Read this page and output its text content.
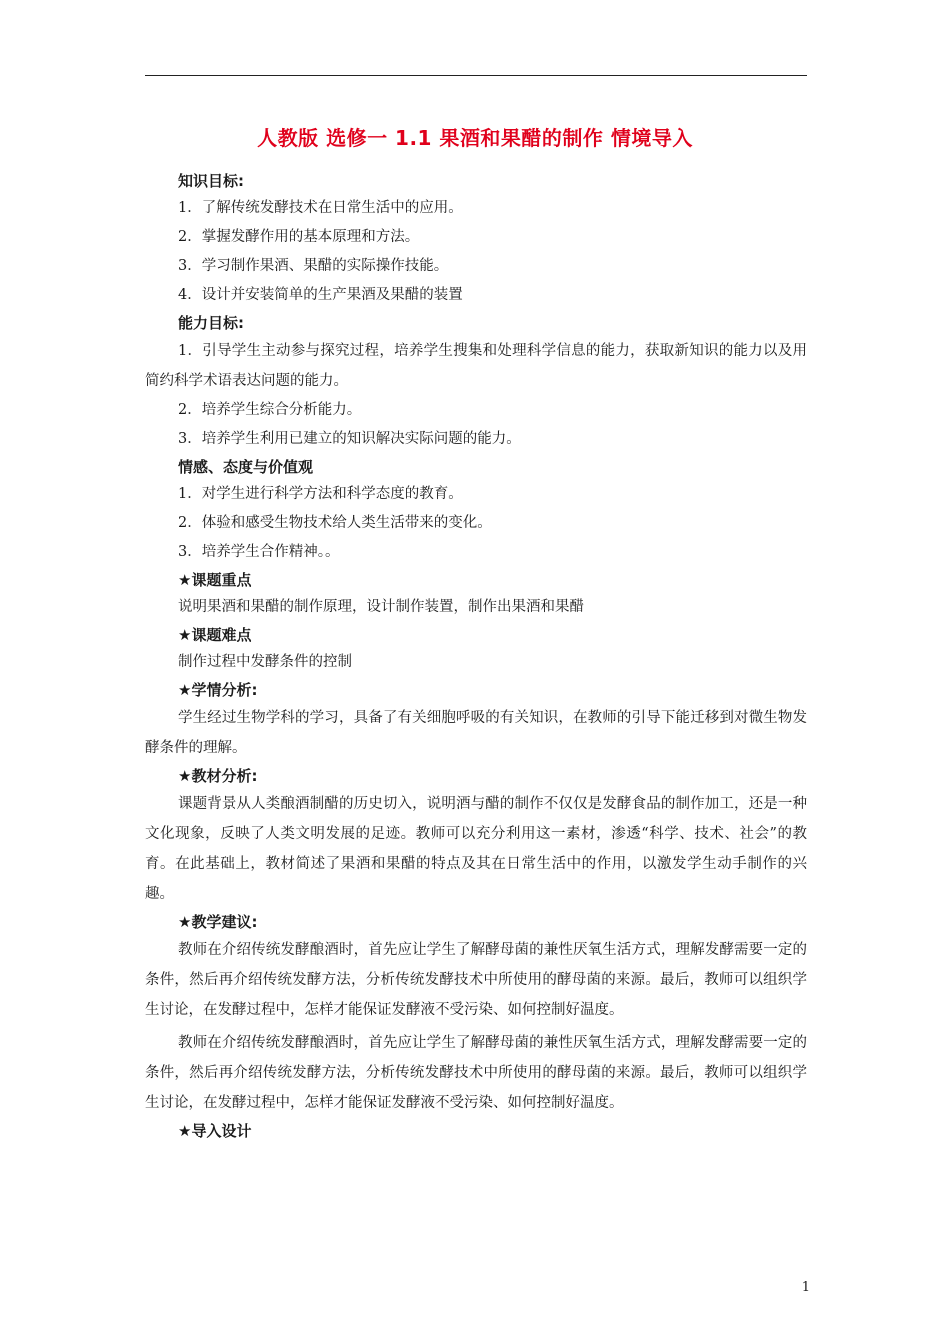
人教版 选修一 1.1 果酒和果醋的制作 情境导入
知识目标:
1．了解传统发酵技术在日常生活中的应用。
2．掌握发酵作用的基本原理和方法。
3．学习制作果酒、果醋的实际操作技能。
4．设计并安装简单的生产果酒及果醋的装置
能力目标:

1．引导学生主动参与探究过程，培养学生搜集和处理科学信息的能力，获取新知识的能力以及用简约科学术语表达问题的能力。

2．培养学生综合分析能力。
3．培养学生利用已建立的知识解决实际问题的能力。
情感、态度与价值观
1．对学生进行科学方法和科学态度的教育。
2．体验和感受生物技术给人类生活带来的变化。
3．培养学生合作精神。。
★课题重点
说明果酒和果醋的制作原理，设计制作装置，制作出果酒和果醋
★课题难点
制作过程中发酵条件的控制
★学情分析:

学生经过生物学科的学习，具备了有关细胞呼吸的有关知识，在教师的引导下能迁移到对微生物发酵条件的理解。

★教材分析:

课题背景从人类酿酒制醋的历史切入，说明酒与醋的制作不仅仅是发酵食品的制作加工，还是一种文化现象，反映了人类文明发展的足迹。教师可以充分利用这一素材，渗透“科学、技术、社会”的教育。在此基础上，教材简述了果酒和果醋的特点及其在日常生活中的作用，以激发学生动手制作的兴趣。

★教学建议:

教师在介绍传统发酵酿酒时，首先应让学生了解酵母菌的兼性厌氧生活方式，理解发酵需要一定的条件，然后再介绍传统发酵方法，分析传统发酵技术中所使用的酵母菌的来源。最后，教师可以组织学生讨论，在发酵过程中，怎样才能保证发酵液不受污染、如何控制好温度。

教师在介绍传统发酵酿酒时，首先应让学生了解酵母菌的兼性厌氧生活方式，理解发酵需要一定的条件，然后再介绍传统发酵方法，分析传统发酵技术中所使用的酵母菌的来源。最后，教师可以组织学生讨论，在发酵过程中，怎样才能保证发酵液不受污染、如何控制好温度。

★导入设计
1
